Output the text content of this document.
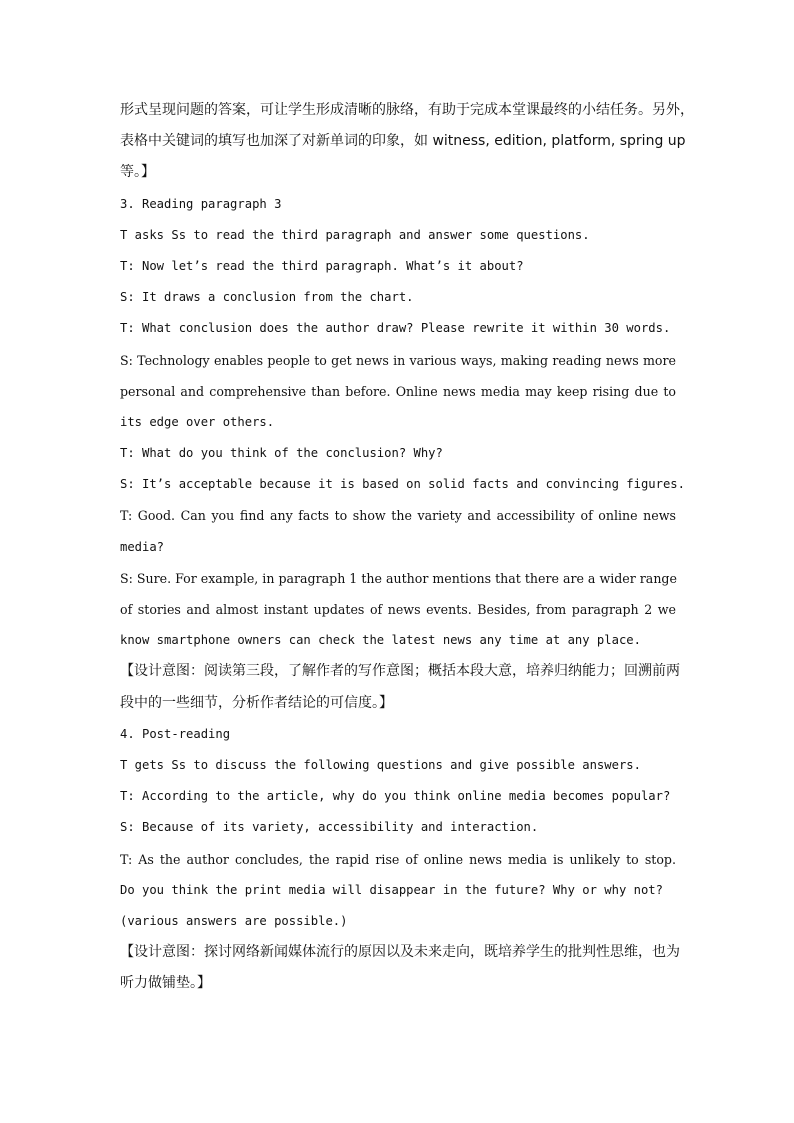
形式呈现问题的答案，可让学生形成清晰的脉络，有助于完成本堂课最终的小结任务。另外，
表格中关键词的填写也加深了对新单词的印象，如 witness, edition, platform, spring up
等。】
3. Reading paragraph 3
T asks Ss to read the third paragraph and answer some questions.
T: Now let’s read the third paragraph. What’s it about?
S: It draws a conclusion from the chart.
T: What conclusion does the author draw? Please rewrite it within 30 words.
S: Technology enables people to get news in various ways, making reading news more
personal and comprehensive than before. Online news media may keep rising due to
its edge over others.
T: What do you think of the conclusion? Why?
S: It’s acceptable because it is based on solid facts and convincing figures.
T: Good. Can you find any facts to show the variety and accessibility of online news
media?
S: Sure. For example, in paragraph 1 the author mentions that there are a wider range
of stories and almost instant updates of news events. Besides, from paragraph 2 we
know smartphone owners can check the latest news any time at any place.
【设计意图：阅读第三段，了解作者的写作意图；概括本段大意，培养归纳能力；回溯前两
段中的一些细节，分析作者结论的可信度。】
4. Post-reading
T gets Ss to discuss the following questions and give possible answers.
T: According to the article, why do you think online media becomes popular?
S: Because of its variety, accessibility and interaction.
T: As the author concludes, the rapid rise of online news media is unlikely to stop.
Do you think the print media will disappear in the future? Why or why not?
(various answers are possible.)
【设计意图：探讨网络新闻媒体流行的原因以及未来走向，既培养学生的批判性思维，也为
听力做铺垫。】
